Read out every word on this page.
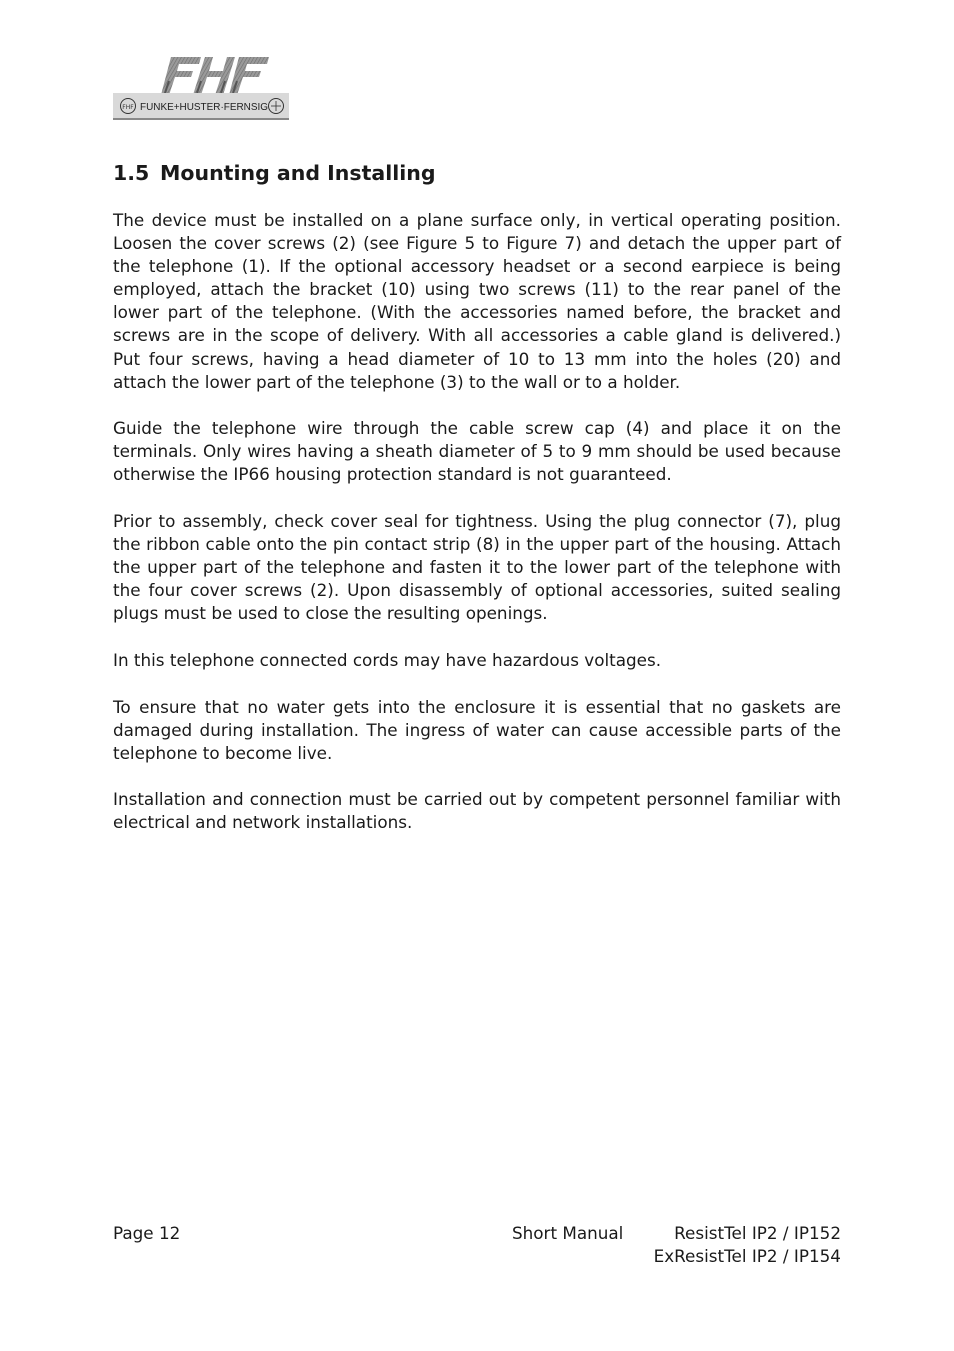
FHF FUNKE+HUSTER·FERNSIG
1.5 Mounting and Installing

The device must be installed on a plane surface only, in vertical operating position. Loosen the cover screws (2) (see Figure 5 to Figure 7) and detach the upper part of the telephone (1). If the optional accessory headset or a second earpiece is being employed, attach the bracket (10) using two screws (11) to the rear panel of the lower part of the telephone. (With the accessories named before, the bracket and screws are in the scope of delivery. With all accessories a cable gland is delivered.) Put four screws, having a head diameter of 10 to 13 mm into the holes (20) and attach the lower part of the telephone (3) to the wall or to a holder.

Guide the telephone wire through the cable screw cap (4) and place it on the terminals. Only wires having a sheath diameter of 5 to 9 mm should be used because otherwise the IP66 housing protection standard is not guaranteed.

Prior to assembly, check cover seal for tightness. Using the plug connector (7), plug the ribbon cable onto the pin contact strip (8) in the upper part of the housing. Attach the upper part of the telephone and fasten it to the lower part of the telephone with the four cover screws (2). Upon disassembly of optional accessories, suited sealing plugs must be used to close the resulting openings.

In this telephone connected cords may have hazardous voltages.

To ensure that no water gets into the enclosure it is essential that no gaskets are damaged during installation. The ingress of water can cause accessible parts of the telephone to become live.

Installation and connection must be carried out by competent personnel familiar with electrical and network installations.

Page 12	Short Manual	ResistTel IP2 / IP152
ExResistTel IP2 / IP154
